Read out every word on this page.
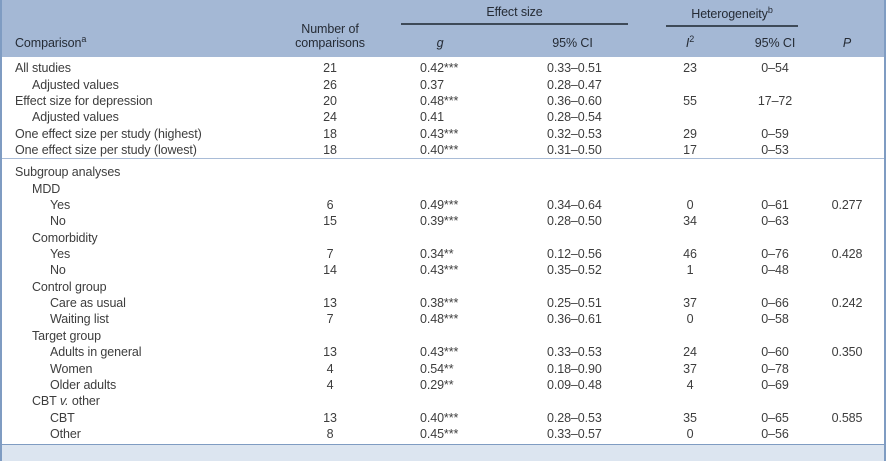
Comparison$^a$	Number of
comparisons	Effect size		Heterogeneity$^b$		P
		g	95% CI	$I^2$	95% CI	
All studies	21	0.42***	0.33–0.51	23	0–54	
Adjusted values	26	0.37	0.28–0.47			
Effect size for depression	20	0.48***	0.36–0.60	55	17–72	
Adjusted values	24	0.41	0.28–0.54			
One effect size per study (highest)	18	0.43***	0.32–0.53	29	0–59	
One effect size per study (lowest)	18	0.40***	0.31–0.50	17	0–53	
Subgroup analyses						
MDD						
Yes	6	0.49***	0.34–0.64	0	0–61	0.277
No	15	0.39***	0.28–0.50	34	0–63	
Comorbidity						
Yes	7	0.34**	0.12–0.56	46	0–76	0.428
No	14	0.43***	0.35–0.52	1	0–48	
Control group						
Care as usual	13	0.38***	0.25–0.51	37	0–66	0.242
Waiting list	7	0.48***	0.36–0.61	0	0–58	
Target group						
Adults in general	13	0.43***	0.33–0.53	24	0–60	0.350
Women	4	0.54**	0.18–0.90	37	0–78	
Older adults	4	0.29**	0.09–0.48	4	0–69	
CBT v. other						
CBT	13	0.40***	0.28–0.53	35	0–65	0.585
Other	8	0.45***	0.33–0.57	0	0–56	
